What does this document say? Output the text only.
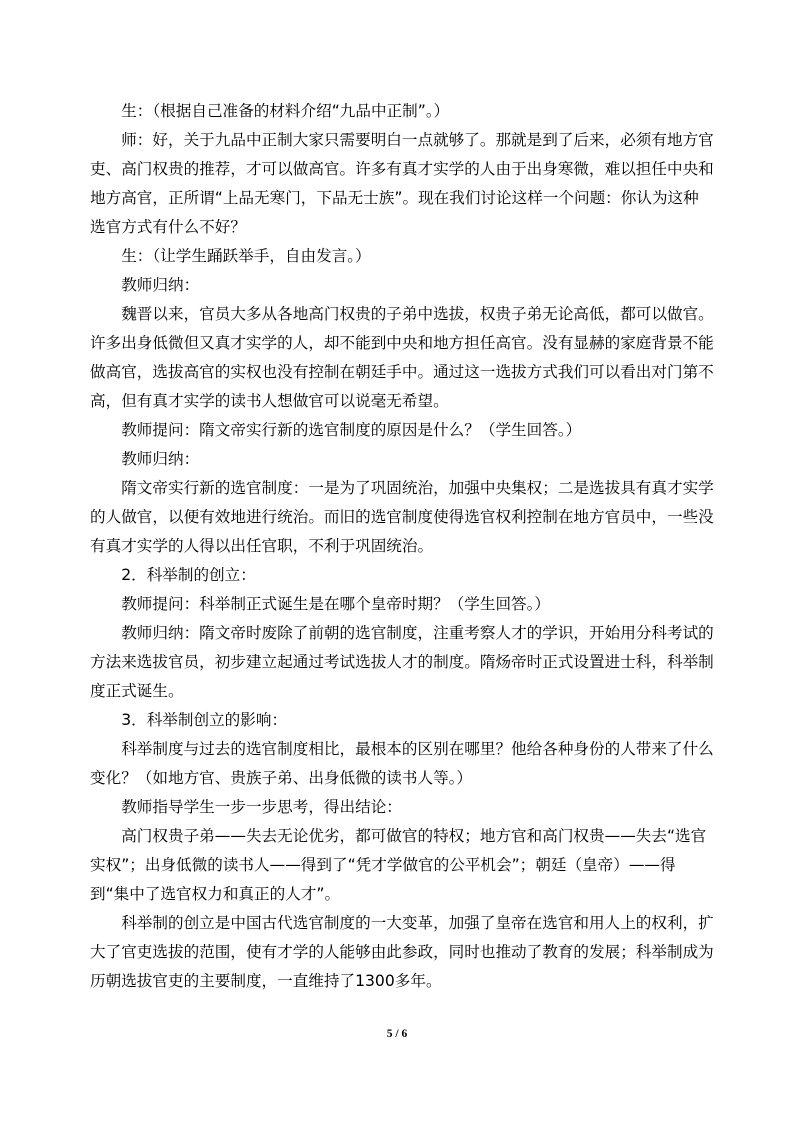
生：（根据自己准备的材料介绍“九品中正制”。）

师：好，关于九品中正制大家只需要明白一点就够了。那就是到了后来，必须有地方官吏、高门权贵的推荐，才可以做高官。许多有真才实学的人由于出身寒微，难以担任中央和地方高官，正所谓“上品无寒门，下品无士族”。现在我们讨论这样一个问题：你认为这种选官方式有什么不好？

生：（让学生踊跃举手，自由发言。）

教师归纳：

魏晋以来，官员大多从各地高门权贵的子弟中选拔，权贵子弟无论高低，都可以做官。许多出身低微但又真才实学的人，却不能到中央和地方担任高官。没有显赫的家庭背景不能做高官，选拔高官的实权也没有控制在朝廷手中。通过这一选拔方式我们可以看出对门第不高，但有真才实学的读书人想做官可以说毫无希望。

教师提问：隋文帝实行新的选官制度的原因是什么？（学生回答。）

教师归纳：

隋文帝实行新的选官制度：一是为了巩固统治，加强中央集权；二是选拔具有真才实学的人做官，以便有效地进行统治。而旧的选官制度使得选官权利控制在地方官员中，一些没有真才实学的人得以出任官职，不利于巩固统治。

2．科举制的创立：

教师提问：科举制正式诞生是在哪个皇帝时期？（学生回答。）

教师归纳：隋文帝时废除了前朝的选官制度，注重考察人才的学识，开始用分科考试的方法来选拔官员，初步建立起通过考试选拔人才的制度。隋炀帝时正式设置进士科，科举制度正式诞生。

3．科举制创立的影响：

科举制度与过去的选官制度相比，最根本的区别在哪里？他给各种身份的人带来了什么变化？（如地方官、贵族子弟、出身低微的读书人等。）

教师指导学生一步一步思考，得出结论：

高门权贵子弟——失去无论优劣，都可做官的特权；地方官和高门权贵——失去“选官实权”；出身低微的读书人——得到了“凭才学做官的公平机会”；朝廷（皇帝）——得到“集中了选官权力和真正的人才”。

科举制的创立是中国古代选官制度的一大变革，加强了皇帝在选官和用人上的权利，扩大了官吏选拔的范围，使有才学的人能够由此参政，同时也推动了教育的发展；科举制成为历朝选拔官吏的主要制度，一直维持了1300多年。

5 / 6
